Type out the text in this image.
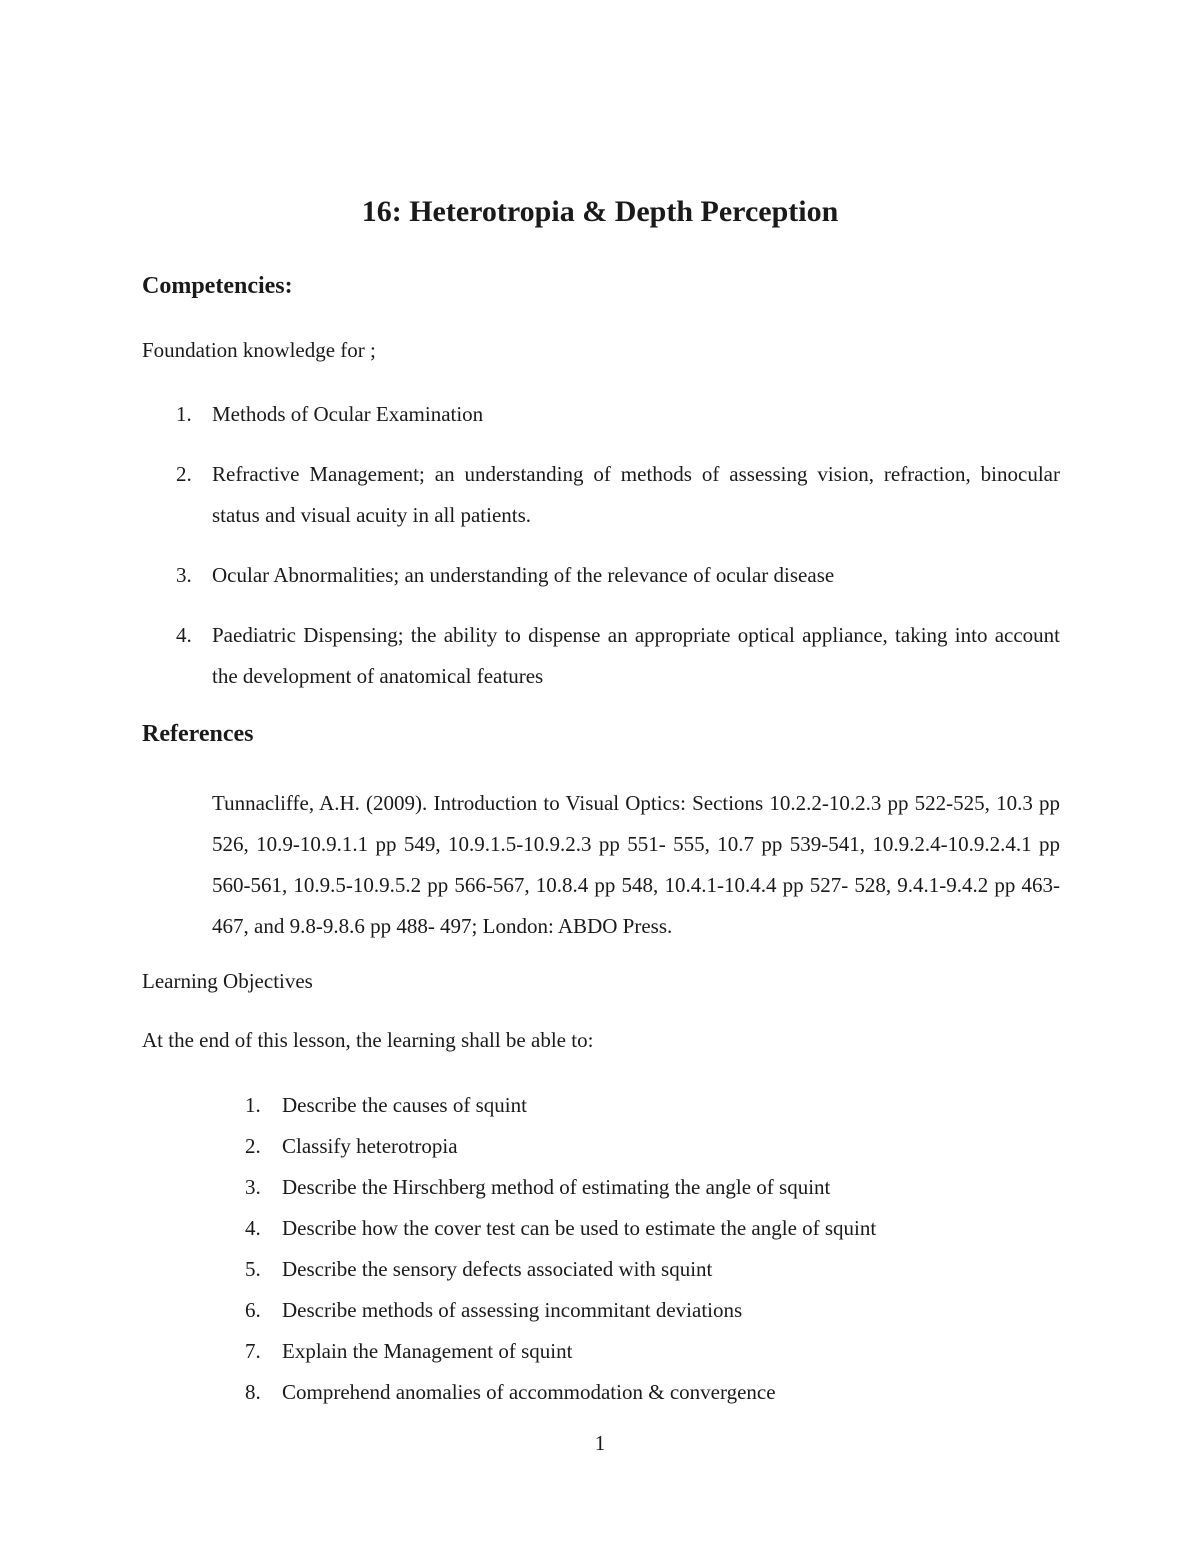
16: Heterotropia & Depth Perception
Competencies:
Foundation knowledge for ;
1. Methods of Ocular Examination
2. Refractive Management; an understanding of methods of assessing vision, refraction, binocular status and visual acuity in all patients.
3. Ocular Abnormalities; an understanding of the relevance of ocular disease
4. Paediatric Dispensing; the ability to dispense an appropriate optical appliance, taking into account the development of anatomical features
References
Tunnacliffe, A.H. (2009). Introduction to Visual Optics: Sections 10.2.2-10.2.3 pp 522-525, 10.3 pp 526, 10.9-10.9.1.1 pp 549, 10.9.1.5-10.9.2.3 pp 551- 555, 10.7 pp 539-541, 10.9.2.4-10.9.2.4.1 pp 560-561, 10.9.5-10.9.5.2 pp 566-567, 10.8.4 pp 548, 10.4.1-10.4.4 pp 527- 528, 9.4.1-9.4.2 pp 463-467, and 9.8-9.8.6 pp 488- 497; London: ABDO Press.
Learning Objectives
At the end of this lesson, the learning shall be able to:
1. Describe the causes of squint
2. Classify heterotropia
3. Describe the Hirschberg method of estimating the angle of squint
4. Describe how the cover test can be used to estimate the angle of squint
5. Describe the sensory defects associated with squint
6. Describe methods of assessing incommitant deviations
7. Explain the Management of squint
8. Comprehend anomalies of accommodation & convergence
1
